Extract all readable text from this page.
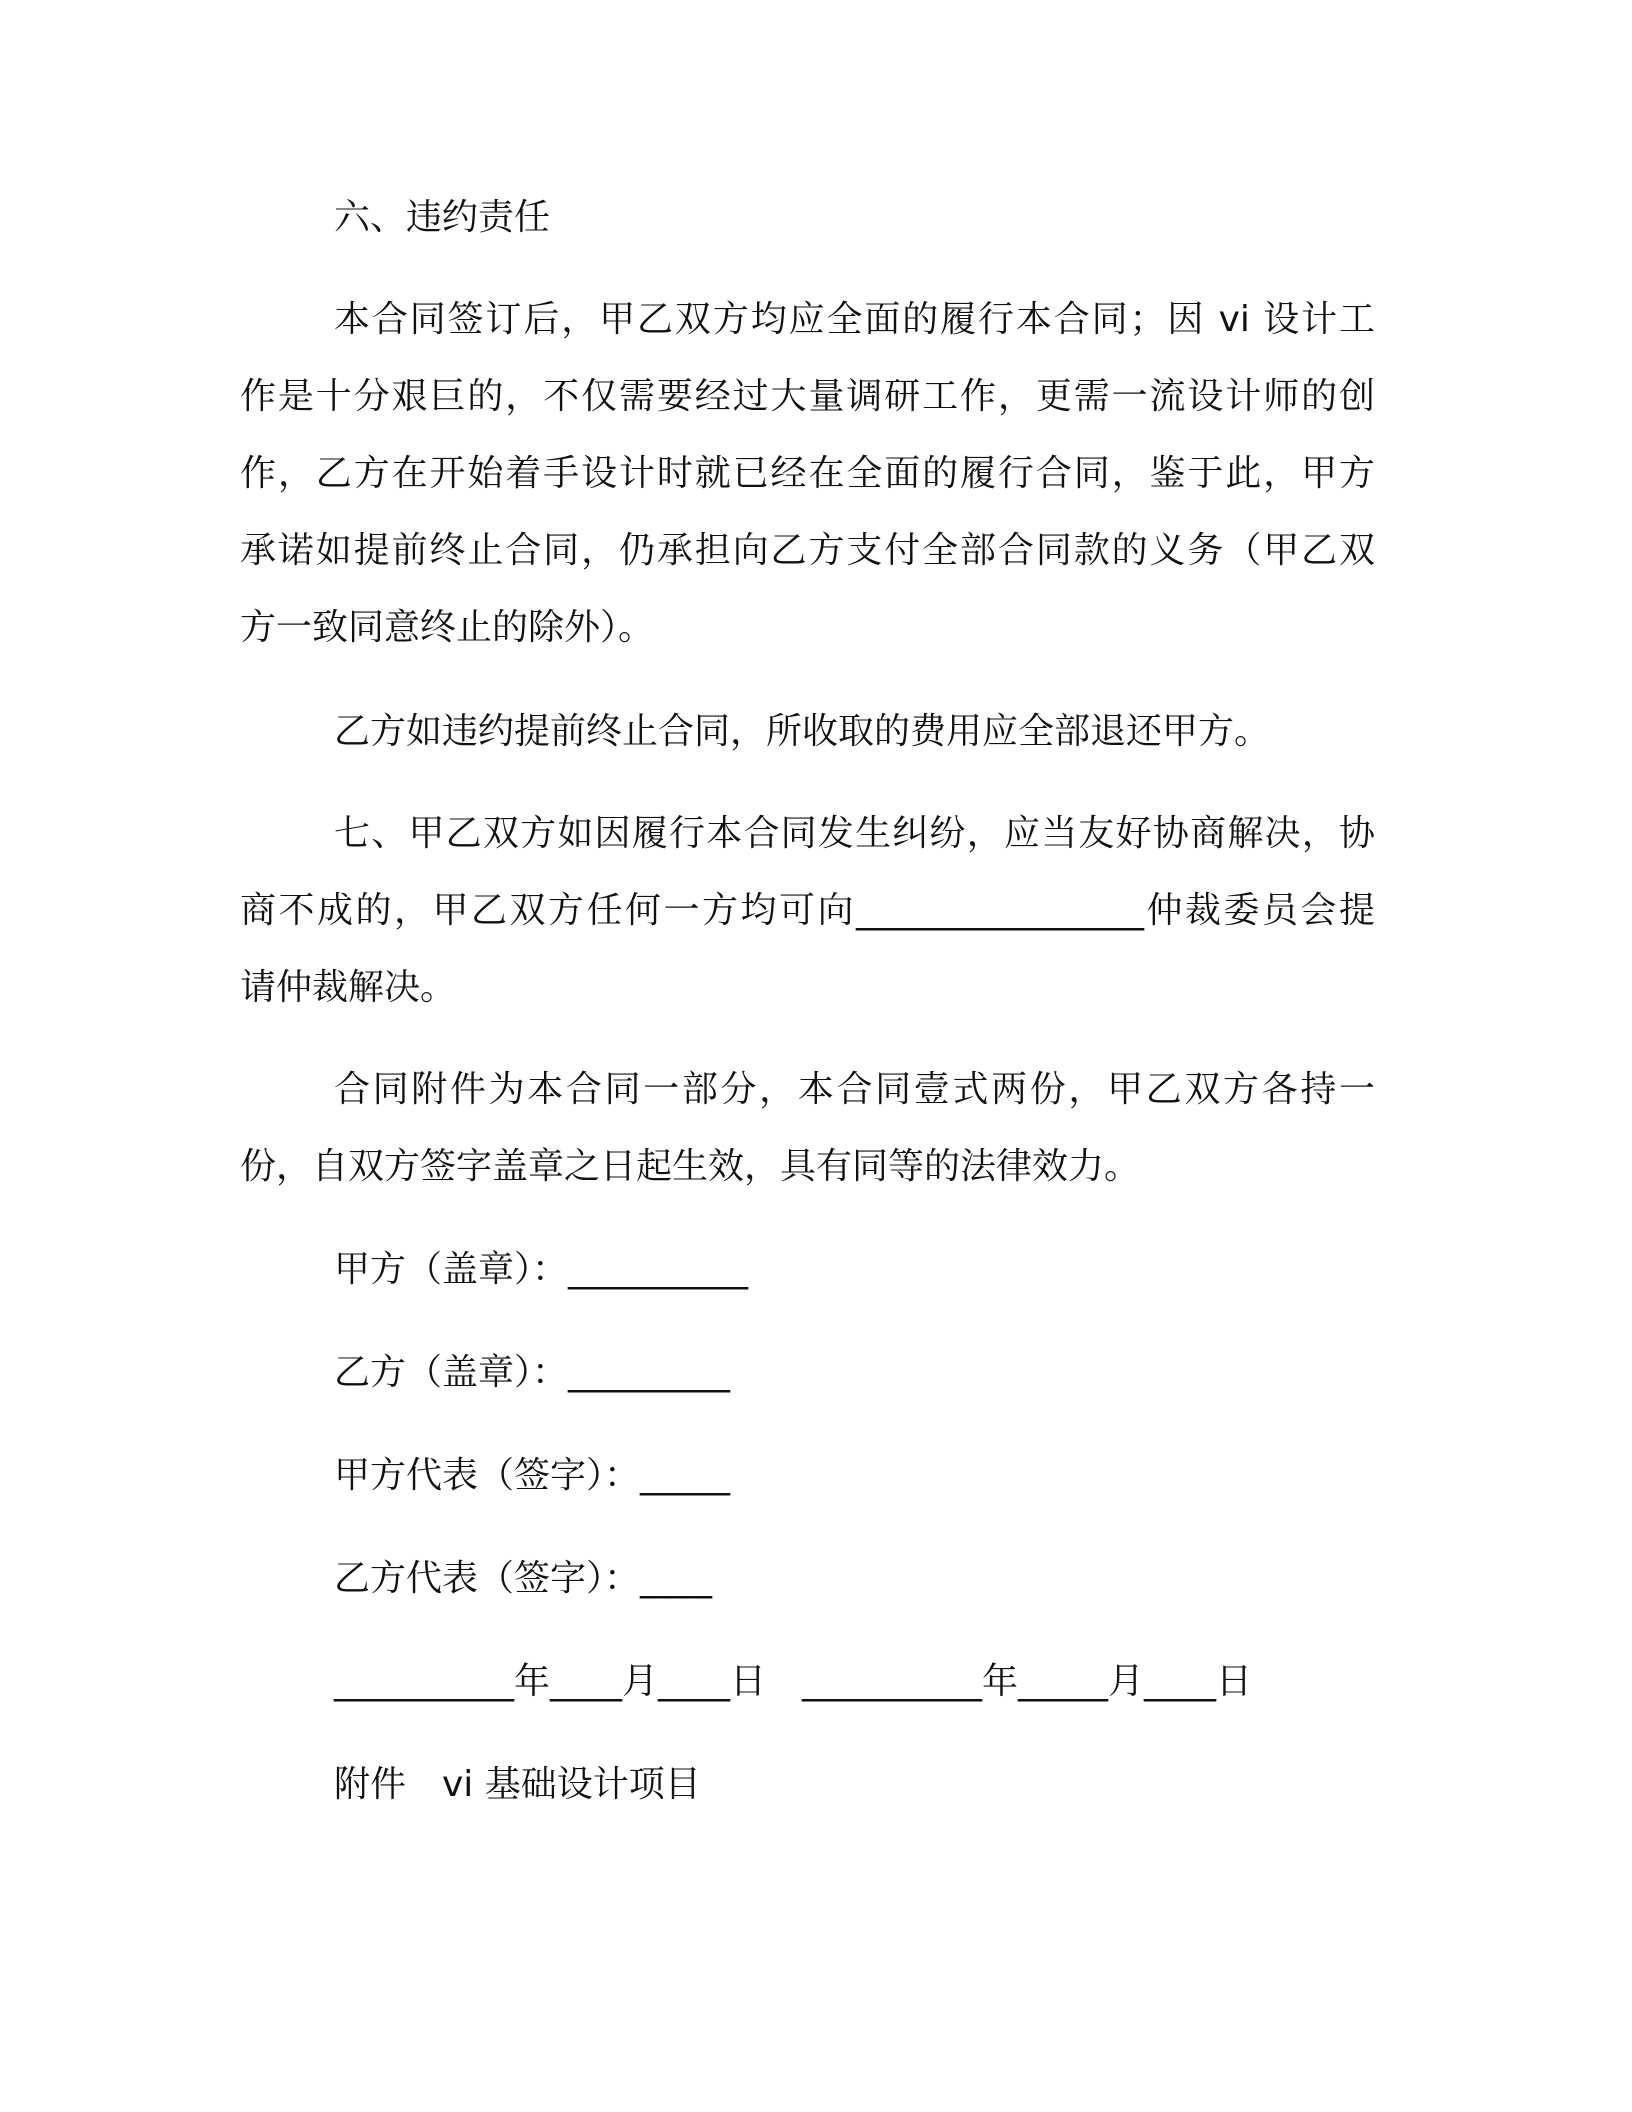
六、违约责任
本合同签订后，甲乙双方均应全面的履行本合同；因 vi 设计工
作是十分艰巨的，不仅需要经过大量调研工作，更需一流设计师的创
作，乙方在开始着手设计时就已经在全面的履行合同，鉴于此，甲方
承诺如提前终止合同，仍承担向乙方支付全部合同款的义务（甲乙双
方一致同意终止的除外）。
乙方如违约提前终止合同，所收取的费用应全部退还甲方。
七、甲乙双方如因履行本合同发生纠纷，应当友好协商解决，协
商不成的，甲乙双方任何一方均可向________________仲裁委员会提
请仲裁解决。
合同附件为本合同一部分，本合同壹式两份，甲乙双方各持一
份，自双方签字盖章之日起生效，具有同等的法律效力。
甲方（盖章）：__________
乙方（盖章）：_________
甲方代表（签字）：_____
乙方代表（签字）：____
__________年____月____日　__________年_____月____日
附件　vi 基础设计项目
